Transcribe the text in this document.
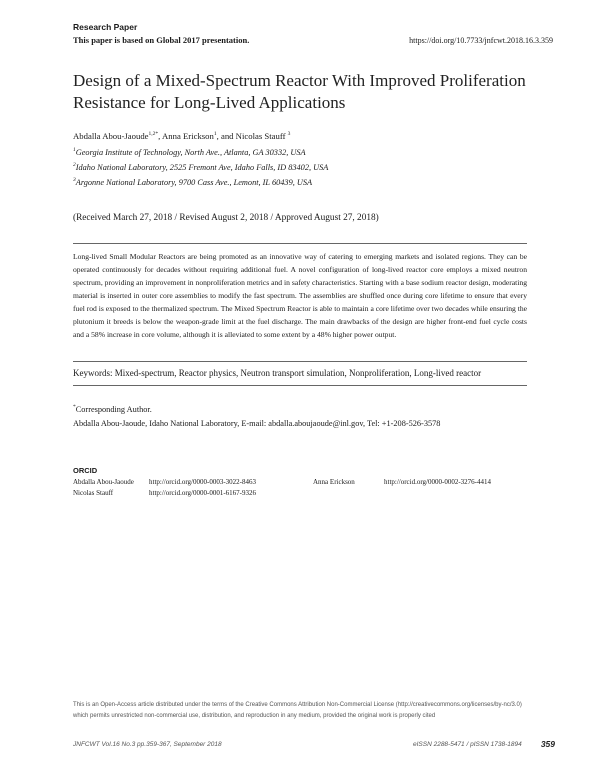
Research Paper
This paper is based on Global 2017 presentation.	https://doi.org/10.7733/jnfcwt.2018.16.3.359
Design of a Mixed-Spectrum Reactor With Improved Proliferation Resistance for Long-Lived Applications
Abdalla Abou-Jaoude$^{1,2*}$, Anna Erickson$^1$, and Nicolas Stauff $^3$
$^1$Georgia Institute of Technology, North Ave., Atlanta, GA 30332, USA
$^2$Idaho National Laboratory, 2525 Fremont Ave, Idaho Falls, ID 83402, USA
$^3$Argonne National Laboratory, 9700 Cass Ave., Lemont, IL 60439, USA
(Received March 27, 2018 / Revised August 2, 2018 / Approved August 27, 2018)
Long-lived Small Modular Reactors are being promoted as an innovative way of catering to emerging markets and isolated regions. They can be operated continuously for decades without requiring additional fuel. A novel configuration of long-lived reactor core employs a mixed neutron spectrum, providing an improvement in nonproliferation metrics and in safety characteristics. Starting with a base sodium reactor design, moderating material is inserted in outer core assemblies to modify the fast spectrum. The assemblies are shuffled once during core lifetime to ensure that every fuel rod is exposed to the thermalized spectrum. The Mixed Spectrum Reactor is able to maintain a core lifetime over two decades while ensuring the plutonium it breeds is below the weapon-grade limit at the fuel discharge. The main drawbacks of the design are higher front-end fuel cycle costs and a 58% increase in core volume, although it is alleviated to some extent by a 48% higher power output.
Keywords: Mixed-spectrum, Reactor physics, Neutron transport simulation, Nonproliferation, Long-lived reactor
*Corresponding Author.
Abdalla Abou-Jaoude, Idaho National Laboratory, E-mail: abdalla.aboujaoude@inl.gov, Tel: +1-208-526-3578
ORCID
Abdalla Abou-Jaoude http://orcid.org/0000-0003-3022-8463	Anna Erickson	http://orcid.org/0000-0002-3276-4414
Nicolas Stauff	http://orcid.org/0000-0001-6167-9326
This is an Open-Access article distributed under the terms of the Creative Commons Attribution Non-Commercial License (http://creativecommons.org/licenses/by-nc/3.0) which permits unrestricted non-commercial use, distribution, and reproduction in any medium, provided the original work is properly cited
JNFCWT Vol.16 No.3 pp.359-367, September 2018	eISSN 2288-5471 / pISSN 1738-1894 359
